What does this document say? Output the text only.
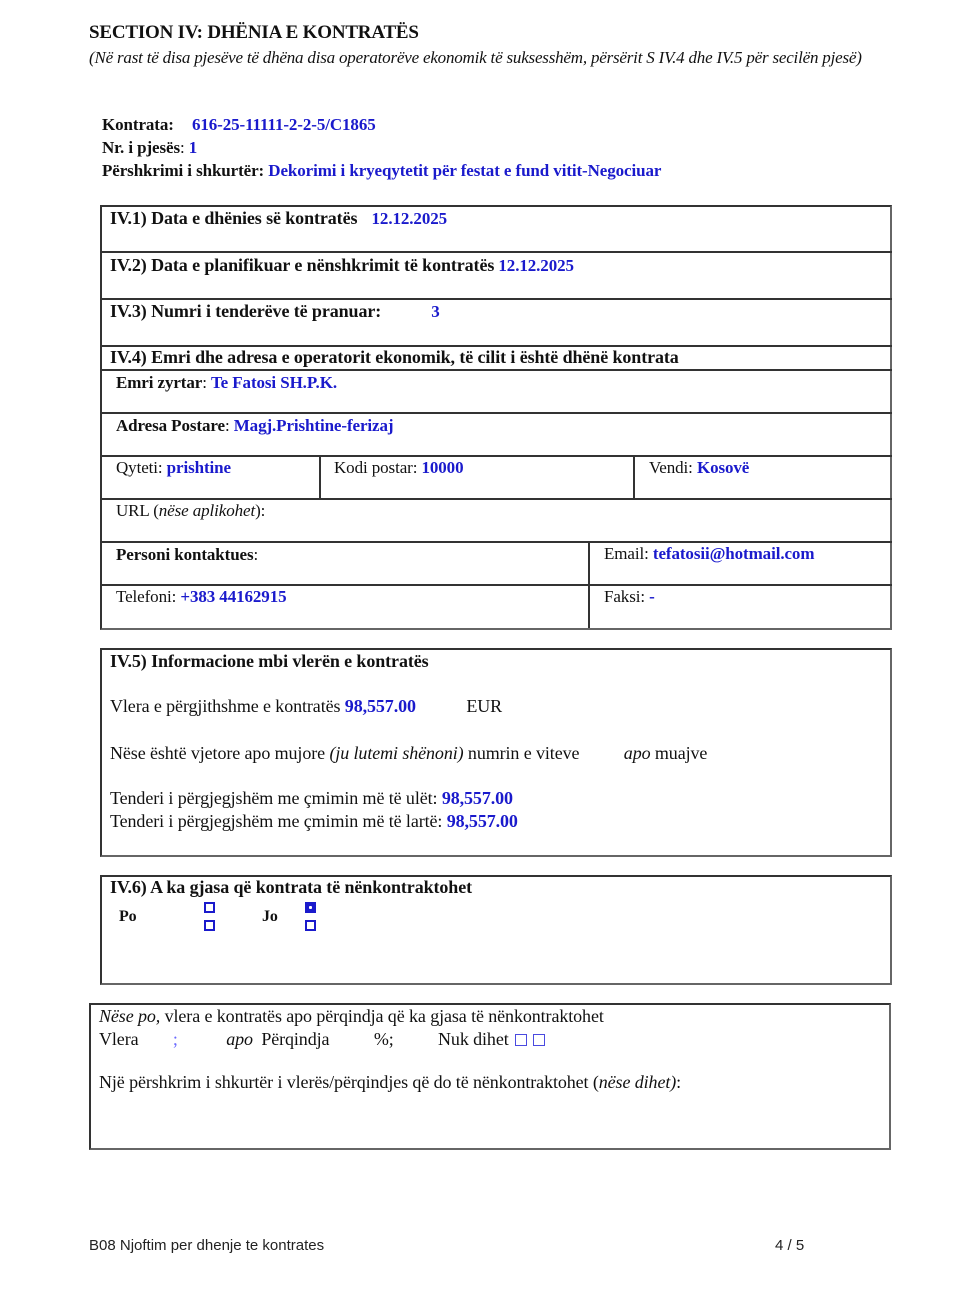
SECTION IV: DHËNIA E KONTRATËS
(Në rast të disa pjesëve të dhëna disa operatorëve ekonomik të suksesshëm, përsërit S IV.4 dhe IV.5 për secilën pjesë)
Kontrata: 616-25-11111-2-2-5/C1865
Nr. i pjesës: 1
Përshkrimi i shkurtër: Dekorimi i kryeqytetit për festat e fund vitit-Negociuar
IV.1) Data e dhënies së kontratës 12.12.2025
IV.2) Data e planifikuar e nënshkrimit të kontratës 12.12.2025
IV.3) Numri i tenderëve të pranuar:	3
IV.4) Emri dhe adresa e operatorit ekonomik, të cilit i është dhënë kontrata
Emri zyrtar: Te Fatosi SH.P.K.
Adresa Postare: Magj.Prishtine-ferizaj
Qyteti: prishtine	Kodi postar: 10000	Vendi: Kosovë
URL (nëse aplikohet):
Personi kontaktues:	Email: tefatosii@hotmail.com
Telefoni: +383 44162915	Faksi: -
IV.5) Informacione mbi vlerën e kontratës
Vlera e përgjithshme e kontratës 98,557.00	EUR
Nëse është vjetore apo mujore (ju lutemi shënoni) numrin e viteve apo muajve
Tenderi i përgjegjshëm me çmimin më të ulët: 98,557.00
Tenderi i përgjegjshëm me çmimin më të lartë: 98,557.00
IV.6) A ka gjasa që kontrata të nënkontraktohet
Po	Jo
Nëse po, vlera e kontratës apo përqindja që ka gjasa të nënkontraktohet
Vlera ;	apo Përqindja %; Nuk dihet
Një përshkrim i shkurtër i vlerës/përqindjes që do të nënkontraktohet (nëse dihet):
B08 Njoftim per dhenje te kontrates	4 / 5
